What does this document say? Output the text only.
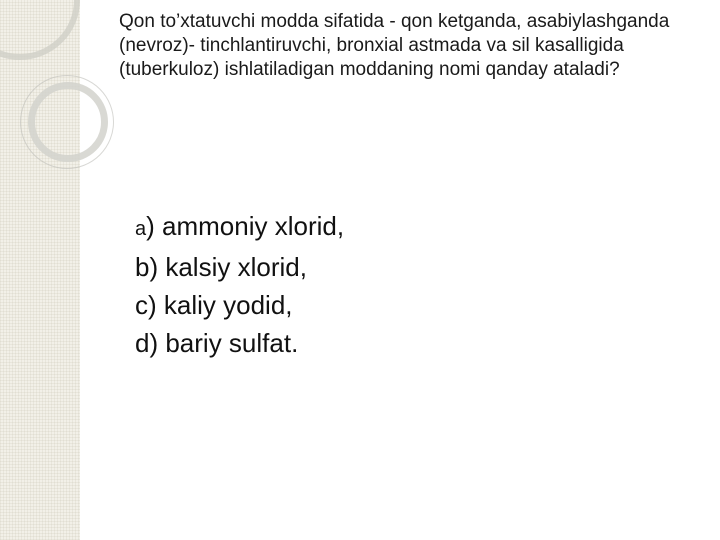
Qon to’xtatuvchi modda sifatida - qon ketganda, asabiylashganda (nevroz)- tinchlantiruvchi, bronxial astmada va sil kasalligida (tuberkuloz) ishlatiladigan moddaning nomi qanday ataladi?

a) ammoniy xlorid,
b) kalsiy xlorid,
c) kaliy yodid,
d) bariy sulfat.
